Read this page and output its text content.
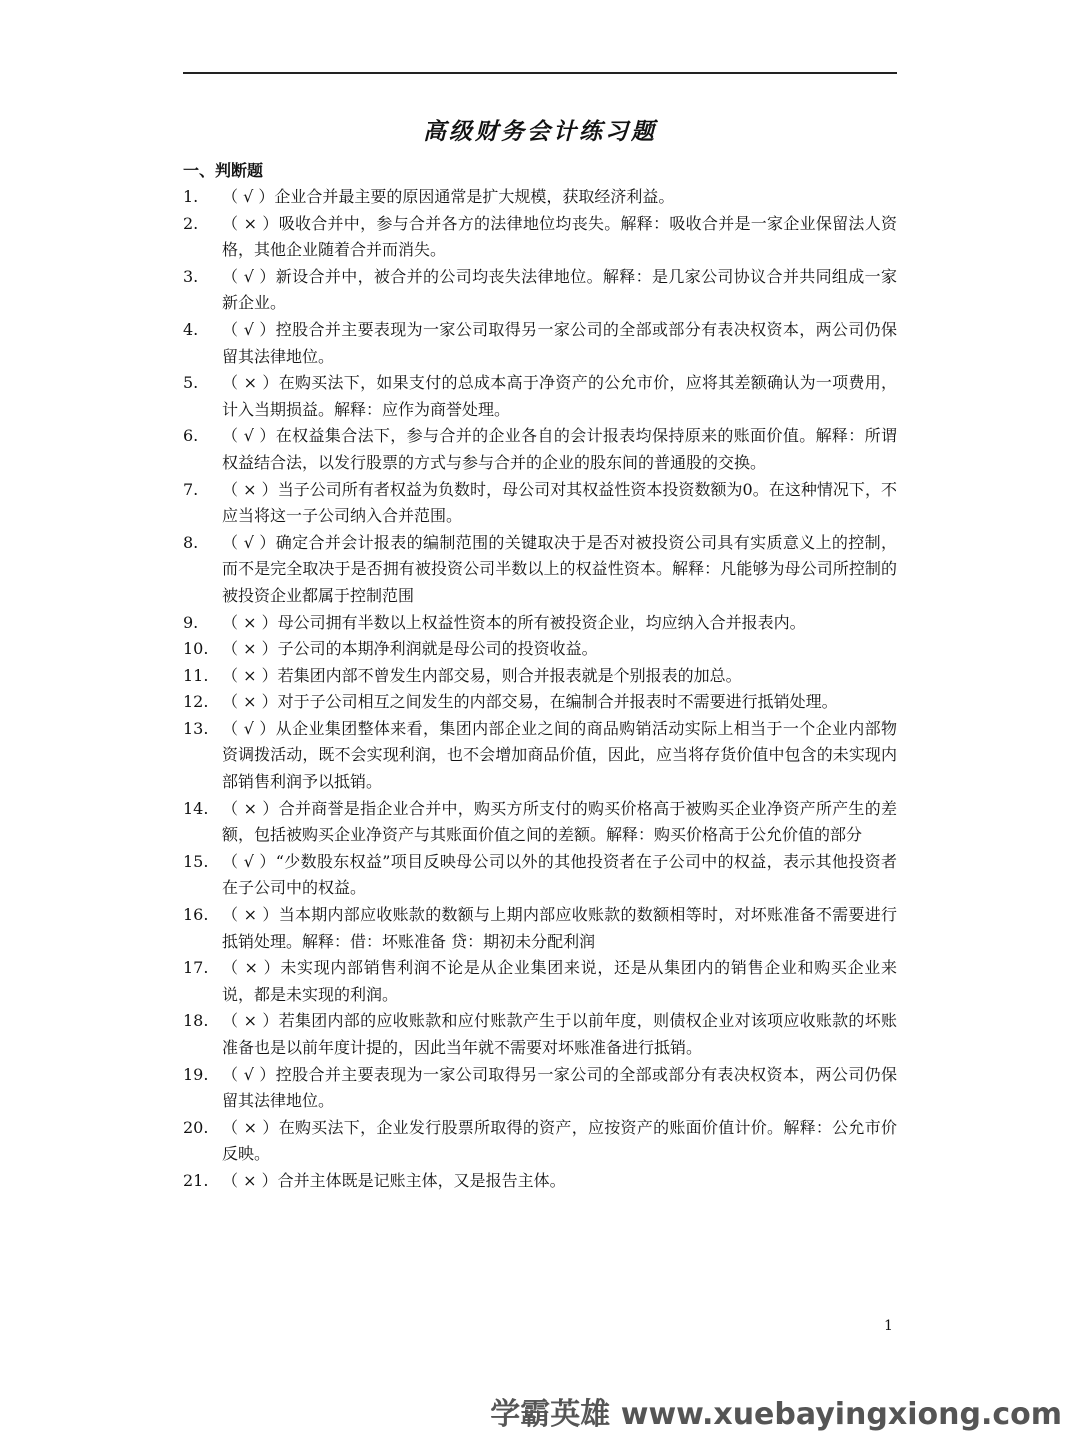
高级财务会计练习题
一、判断题
1. （ √ ）企业合并最主要的原因通常是扩大规模，获取经济利益。
2. （ × ）吸收合并中，参与合并各方的法律地位均丧失。解释：吸收合并是一家企业保留法人资格，其他企业随着合并而消失。
3. （ √ ）新设合并中，被合并的公司均丧失法律地位。解释：是几家公司协议合并共同组成一家新企业。
4. （ √ ）控股合并主要表现为一家公司取得另一家公司的全部或部分有表决权资本，两公司仍保留其法律地位。
5. （ × ）在购买法下，如果支付的总成本高于净资产的公允市价，应将其差额确认为一项费用，计入当期损益。解释：应作为商誉处理。
6. （ √ ）在权益集合法下，参与合并的企业各自的会计报表均保持原来的账面价值。解释：所谓权益结合法，以发行股票的方式与参与合并的企业的股东间的普通股的交换。
7. （ × ）当子公司所有者权益为负数时，母公司对其权益性资本投资数额为0。在这种情况下，不应当将这一子公司纳入合并范围。
8. （ √ ）确定合并会计报表的编制范围的关键取决于是否对被投资公司具有实质意义上的控制，而不是完全取决于是否拥有被投资公司半数以上的权益性资本。解释：凡能够为母公司所控制的被投资企业都属于控制范围
9. （ × ）母公司拥有半数以上权益性资本的所有被投资企业，均应纳入合并报表内。
10. （ × ）子公司的本期净利润就是母公司的投资收益。
11. （ × ）若集团内部不曾发生内部交易，则合并报表就是个别报表的加总。
12. （ × ）对于子公司相互之间发生的内部交易，在编制合并报表时不需要进行抵销处理。
13. （ √ ）从企业集团整体来看，集团内部企业之间的商品购销活动实际上相当于一个企业内部物资调拨活动，既不会实现利润，也不会增加商品价值，因此，应当将存货价值中包含的未实现内部销售利润予以抵销。
14. （ × ）合并商誉是指企业合并中，购买方所支付的购买价格高于被购买企业净资产所产生的差额，包括被购买企业净资产与其账面价值之间的差额。解释：购买价格高于公允价值的部分
15. （ √ ）“少数股东权益”项目反映母公司以外的其他投资者在子公司中的权益，表示其他投资者在子公司中的权益。
16. （ × ）当本期内部应收账款的数额与上期内部应收账款的数额相等时，对坏账准备不需要进行抵销处理。解释：借：坏账准备 贷：期初未分配利润
17. （ × ）未实现内部销售利润不论是从企业集团来说，还是从集团内的销售企业和购买企业来说，都是未实现的利润。
18. （ × ）若集团内部的应收账款和应付账款产生于以前年度，则债权企业对该项应收账款的坏账准备也是以前年度计提的，因此当年就不需要对坏账准备进行抵销。
19. （ √ ）控股合并主要表现为一家公司取得另一家公司的全部或部分有表决权资本，两公司仍保留其法律地位。
20. （ × ）在购买法下，企业发行股票所取得的资产，应按资产的账面价值计价。解释：公允市价反映。
21. （ × ）合并主体既是记账主体，又是报告主体。
1
学霸英雄 www.xuebayingxiong.com
